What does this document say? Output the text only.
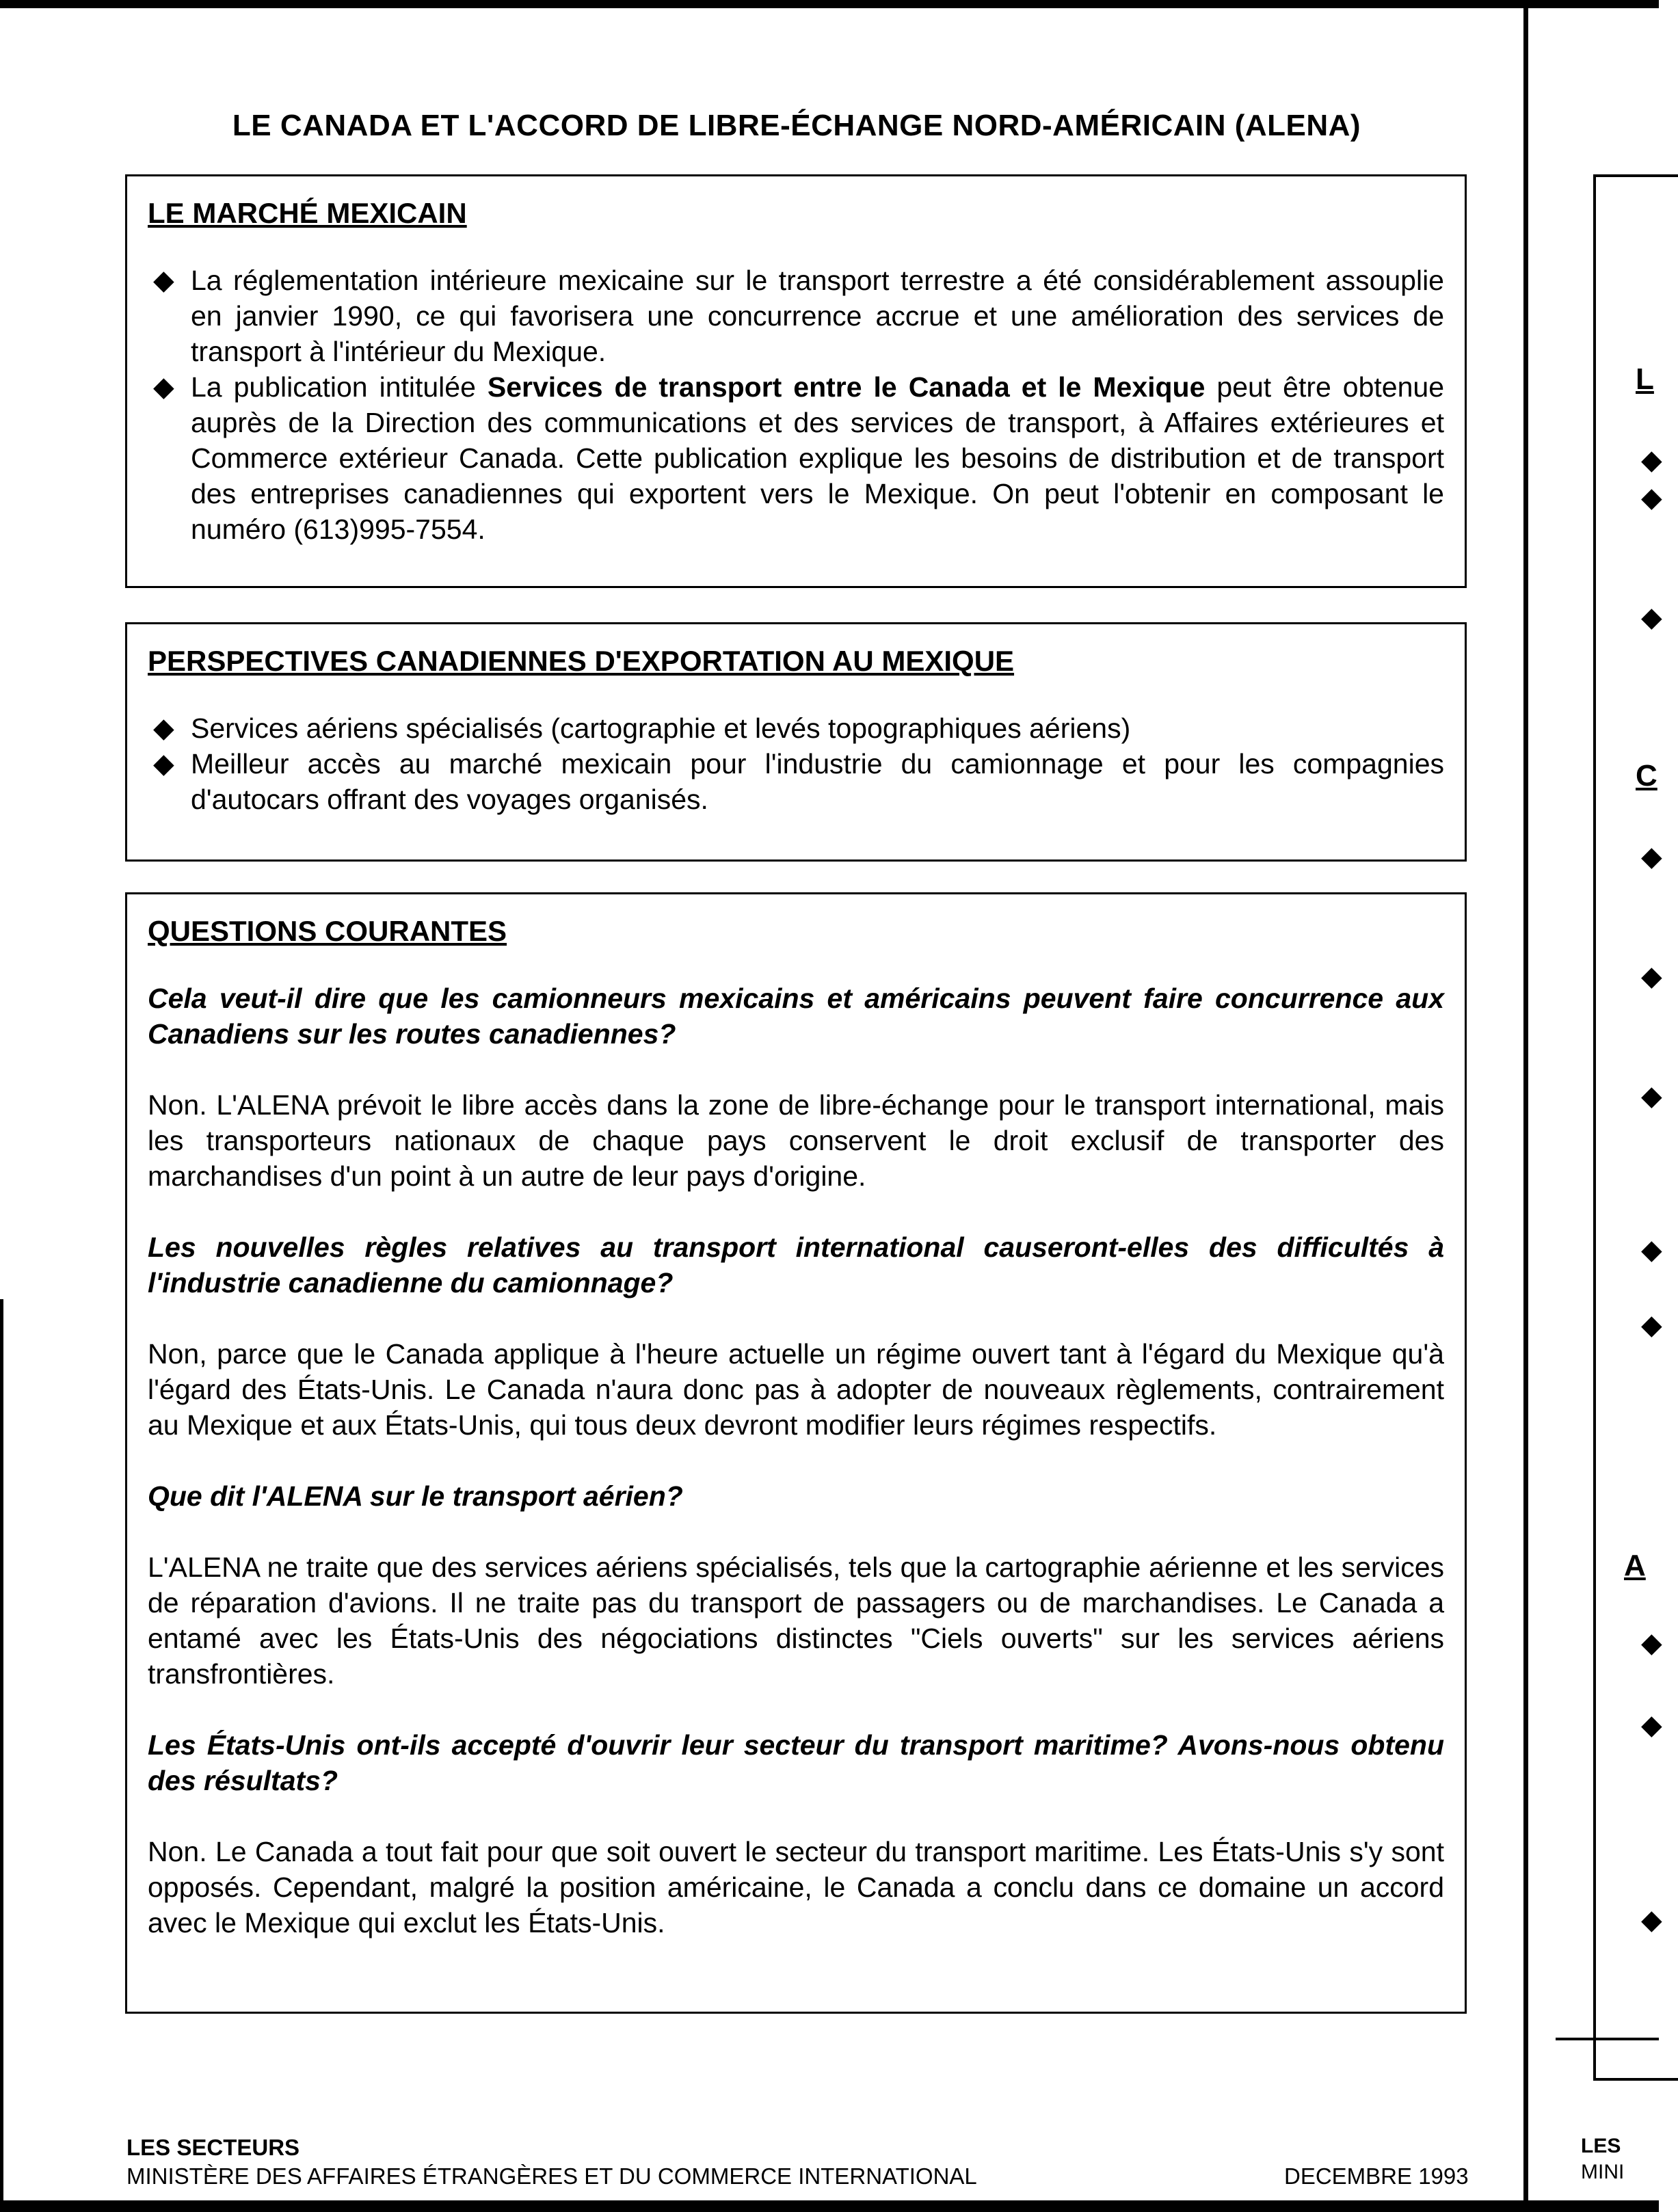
LE CANADA ET L'ACCORD DE LIBRE-ÉCHANGE NORD-AMÉRICAIN (ALENA)
LE MARCHÉ MEXICAIN
◆ La réglementation intérieure mexicaine sur le transport terrestre a été considérablement assouplie en janvier 1990, ce qui favorisera une concurrence accrue et une amélioration des services de transport à l'intérieur du Mexique.
◆ La publication intitulée Services de transport entre le Canada et le Mexique peut être obtenue auprès de la Direction des communications et des services de transport, à Affaires extérieures et Commerce extérieur Canada. Cette publication explique les besoins de distribution et de transport des entreprises canadiennes qui exportent vers le Mexique. On peut l'obtenir en composant le numéro (613)995-7554.
PERSPECTIVES CANADIENNES D'EXPORTATION AU MEXIQUE
◆ Services aériens spécialisés (cartographie et levés topographiques aériens)
◆ Meilleur accès au marché mexicain pour l'industrie du camionnage et pour les compagnies d'autocars offrant des voyages organisés.
QUESTIONS COURANTES

Cela veut-il dire que les camionneurs mexicains et américains peuvent faire concurrence aux Canadiens sur les routes canadiennes?

Non. L'ALENA prévoit le libre accès dans la zone de libre-échange pour le transport international, mais les transporteurs nationaux de chaque pays conservent le droit exclusif de transporter des marchandises d'un point à un autre de leur pays d'origine.

Les nouvelles règles relatives au transport international causeront-elles des difficultés à l'industrie canadienne du camionnage?

Non, parce que le Canada applique à l'heure actuelle un régime ouvert tant à l'égard du Mexique qu'à l'égard des États-Unis. Le Canada n'aura donc pas à adopter de nouveaux règlements, contrairement au Mexique et aux États-Unis, qui tous deux devront modifier leurs régimes respectifs.

Que dit l'ALENA sur le transport aérien?

L'ALENA ne traite que des services aériens spécialisés, tels que la cartographie aérienne et les services de réparation d'avions. Il ne traite pas du transport de passagers ou de marchandises. Le Canada a entamé avec les États-Unis des négociations distinctes "Ciels ouverts" sur les services aériens transfrontières.

Les États-Unis ont-ils accepté d'ouvrir leur secteur du transport maritime? Avons-nous obtenu des résultats?

Non. Le Canada a tout fait pour que soit ouvert le secteur du transport maritime. Les États-Unis s'y sont opposés. Cependant, malgré la position américaine, le Canada a conclu dans ce domaine un accord avec le Mexique qui exclut les États-Unis.

LES SECTEURS
MINISTÈRE DES AFFAIRES ÉTRANGÈRES ET DU COMMERCE INTERNATIONAL	DECEMBRE 1993
L
◆
◆
◆
C
◆
◆
◆
◆
◆
A
◆
◆
◆
LES
MINI
